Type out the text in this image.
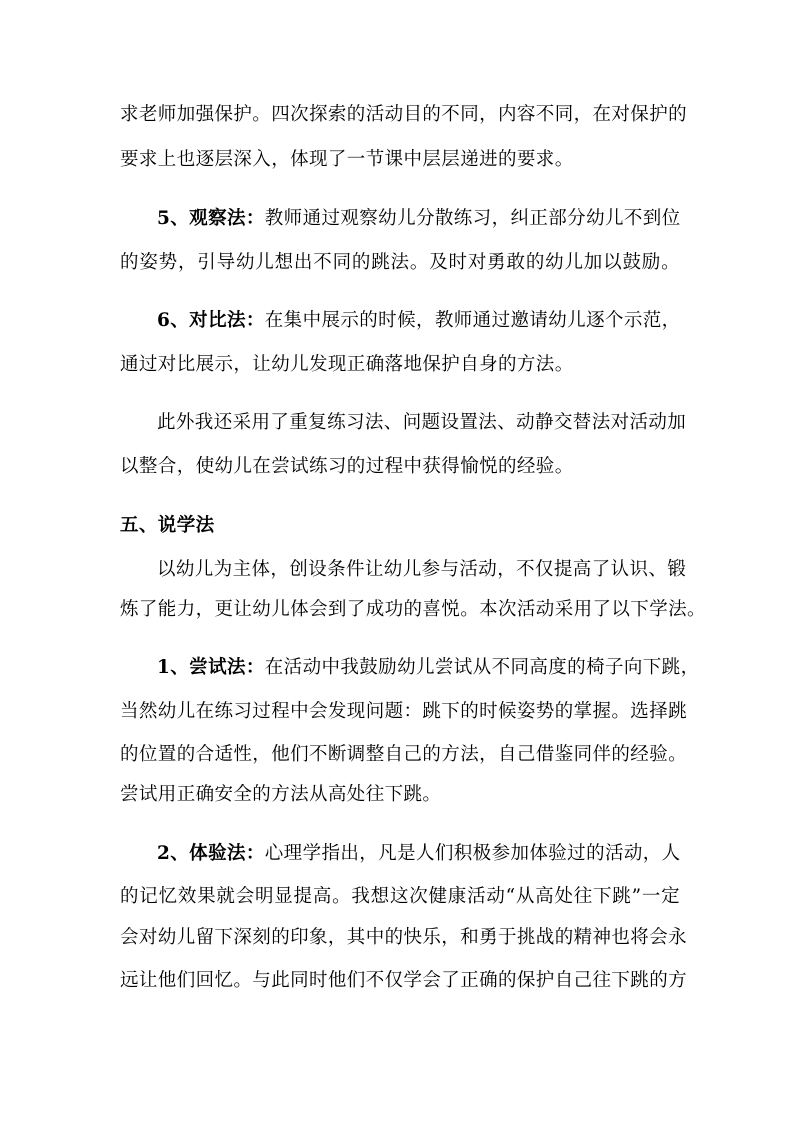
求老师加强保护。四次探索的活动目的不同，内容不同，在对保护的
要求上也逐层深入，体现了一节课中层层递进的要求。
5、观察法：教师通过观察幼儿分散练习，纠正部分幼儿不到位
的姿势，引导幼儿想出不同的跳法。及时对勇敢的幼儿加以鼓励。
6、对比法：在集中展示的时候，教师通过邀请幼儿逐个示范，
通过对比展示，让幼儿发现正确落地保护自身的方法。
此外我还采用了重复练习法、问题设置法、动静交替法对活动加
以整合，使幼儿在尝试练习的过程中获得愉悦的经验。
五、说学法
以幼儿为主体，创设条件让幼儿参与活动，不仅提高了认识、锻
炼了能力，更让幼儿体会到了成功的喜悦。本次活动采用了以下学法。
1、尝试法：在活动中我鼓励幼儿尝试从不同高度的椅子向下跳，
当然幼儿在练习过程中会发现问题：跳下的时候姿势的掌握。选择跳
的位置的合适性，他们不断调整自己的方法，自己借鉴同伴的经验。
尝试用正确安全的方法从高处往下跳。
2、体验法：心理学指出，凡是人们积极参加体验过的活动，人
的记忆效果就会明显提高。我想这次健康活动“从高处往下跳”一定
会对幼儿留下深刻的印象，其中的快乐，和勇于挑战的精神也将会永
远让他们回忆。与此同时他们不仅学会了正确的保护自己往下跳的方
